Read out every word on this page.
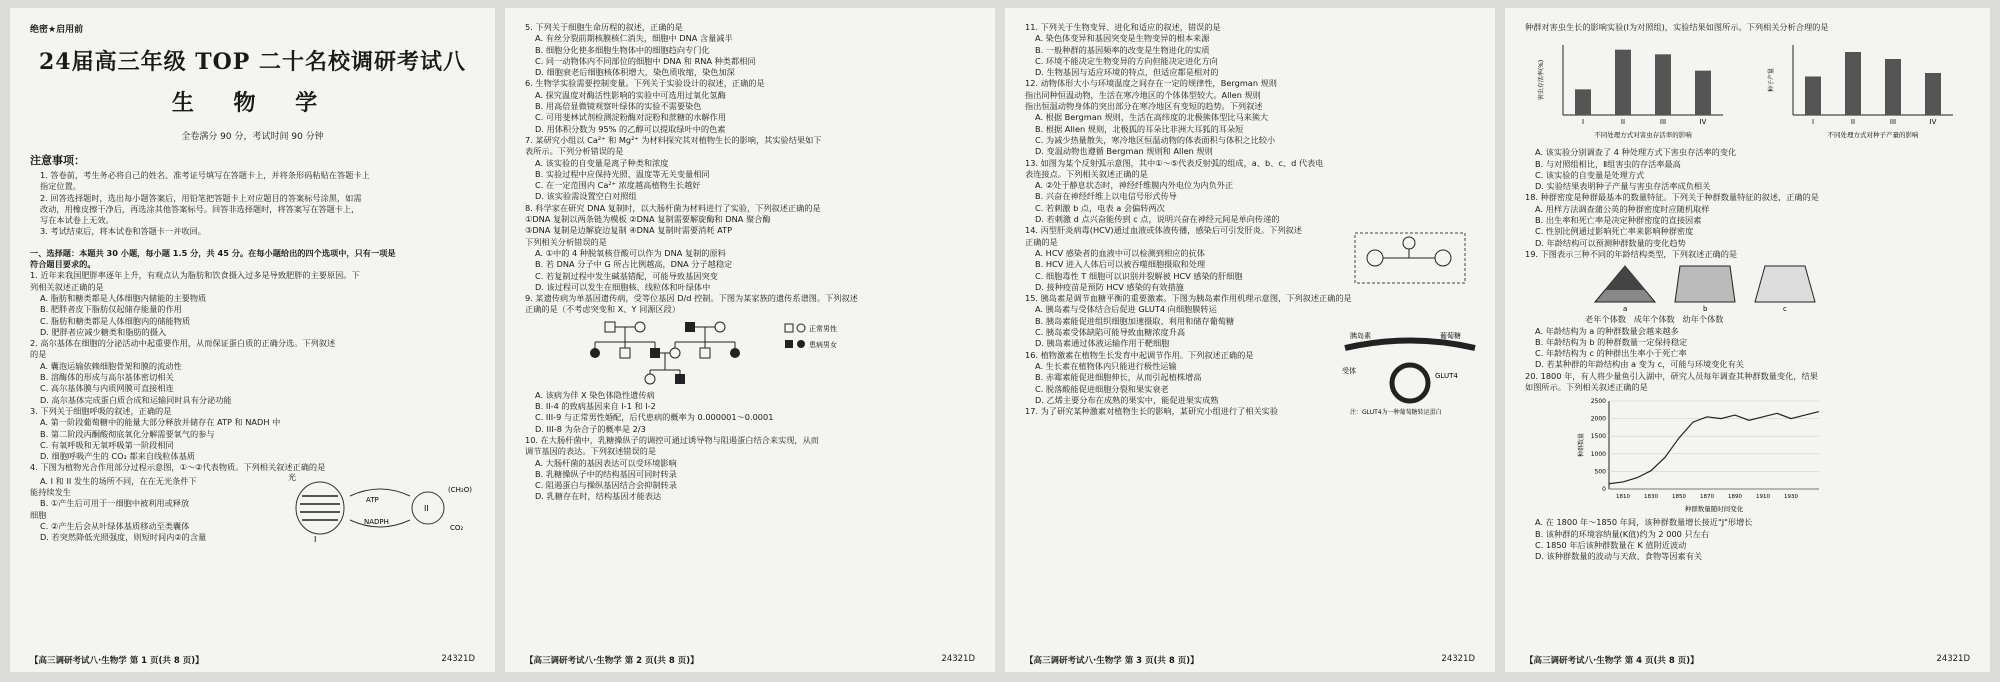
绝密★启用前
24届高三年级 TOP 二十名校调研考试八
生 物 学
全卷满分 90 分，考试时间 90 分钟
注意事项：
1. 答卷前，考生务必将自己的姓名、准考证号填写在答题卡上，并将条形码粘贴在答题卡上
指定位置。
2. 回答选择题时，选出每小题答案后，用铅笔把答题卡上对应题目的答案标号涂黑，如需
改动，用橡皮擦干净后，再选涂其他答案标号。回答非选择题时，将答案写在答题卡上，
写在本试卷上无效。
3. 考试结束后，将本试卷和答题卡一并收回。
一、选择题：本题共 30 小题，每小题 1.5 分，共 45 分。在每小题给出的四个选项中，只有一项是
符合题目要求的。
1. 近年来我国肥胖率逐年上升，有观点认为脂肪和饮食摄入过多是导致肥胖的主要原因。下
列相关叙述正确的是
A. 脂肪和糖类都是人体细胞内储能的主要物质
B. 肥胖者皮下脂肪仅起储存能量的作用
C. 脂肪和糖类都是人体细胞内的储能物质
D. 肥胖者应减少糖类和脂肪的摄入
2. 高尔基体在细胞的分泌活动中起重要作用，从而保证蛋白质的正确分选。下列叙述
的是
A. 囊泡运输依赖细胞骨架和膜的流动性
B. 溶酶体的形成与高尔基体密切相关
C. 高尔基体膜与内质网膜可直接相连
D. 高尔基体完成蛋白质合成和运输同时具有分泌功能
3. 下列关于细胞呼吸的叙述，正确的是
A. 第一阶段葡萄糖中的能量大部分释放并储存在 ATP 和 NADH 中
B. 第二阶段丙酮酸彻底氧化分解需要氧气的参与
C. 有氧呼吸和无氧呼吸第一阶段相同
D. 细胞呼吸产生的 CO₂ 都来自线粒体基质
4. 下图为植物光合作用部分过程示意图，①～②代表物质。下列相关叙述正确的是
A. I 和 II 发生的场所不同，在在无光条件下
能持续发生
B. ①产生后可用于一细胞中被利用或释放
细胞
C. ②产生后会从叶绿体基质移动至类囊体
D. 若突然降低光照强度，则短时间内②的含量	I
光
ATP
NADPH
II
(CH₂O)
CO₂
【高三调研考试八·生物学 第 1 页(共 8 页)】	24321D
5. 下列关于细胞生命历程的叙述，正确的是
A. 有丝分裂前期核膜核仁消失，细胞中 DNA 含量减半
B. 细胞分化使多细胞生物体中的细胞趋向专门化
C. 同一动物体内不同部位的细胞中 DNA 和 RNA 种类都相同
D. 细胞衰老后细胞核体积增大，染色质收缩，染色加深
6. 生物学实验需要控制变量。下列关于实验设计的叙述，正确的是
A. 探究温度对酶活性影响的实验中可选用过氧化氢酶
B. 用高倍显微镜观察叶绿体的实验不需要染色
C. 可用斐林试剂检测淀粉酶对淀粉和蔗糖的水解作用
D. 用体积分数为 95% 的乙醇可以提取绿叶中的色素
7. 某研究小组以 Ca²⁺ 和 Mg²⁺ 为材料探究其对植物生长的影响，其实验结果如下
表所示。下列分析错误的是
A. 该实验的自变量是离子种类和浓度
B. 实验过程中应保持光照、温度等无关变量相同
C. 在一定范围内 Ca²⁺ 浓度越高植物生长越好
D. 该实验需设置空白对照组
8. 科学家在研究 DNA 复制时，以大肠杆菌为材料进行了实验，下列叙述正确的是
①DNA 复制以两条链为模板 ②DNA 复制需要解旋酶和 DNA 聚合酶
③DNA 复制是边解旋边复制 ④DNA 复制时需要消耗 ATP
下列相关分析错误的是
A. ①中的 4 种脱氧核苷酸可以作为 DNA 复制的原料
B. 若 DNA 分子中 G 所占比例越高，DNA 分子越稳定
C. 若复制过程中发生碱基错配，可能导致基因突变
D. 该过程可以发生在细胞核、线粒体和叶绿体中
9. 某遗传病为单基因遗传病，受等位基因 D/d 控制。下图为某家族的遗传系谱图。下列叙述
正确的是（不考虑突变和 X、Y 同源区段）
正常男性
患病男女
A. 该病为伴 X 染色体隐性遗传病
B. II-4 的致病基因来自 I-1 和 I-2
C. III-9 与正常男性婚配，后代患病的概率为 0.000001～0.0001
D. III-8 为杂合子的概率是 2/3
10. 在大肠杆菌中，乳糖操纵子的调控可通过诱导物与阻遏蛋白结合来实现，从而
调节基因的表达。下列叙述错误的是
A. 大肠杆菌的基因表达可以受环境影响
B. 乳糖操纵子中的结构基因可同时转录
C. 阻遏蛋白与操纵基因结合会抑制转录
D. 乳糖存在时，结构基因才能表达
【高三调研考试八·生物学 第 2 页(共 8 页)】	24321D
11. 下列关于生物变异、进化和适应的叙述，错误的是
A. 染色体变异和基因突变是生物变异的根本来源
B. 一般种群的基因频率的改变是生物进化的实质
C. 环境不能决定生物变异的方向但能决定进化方向
D. 生物基因与适应环境的特点，但适应都是相对的
12. 动物体形大小与环境温度之间存在一定的规律性，Bergman 规则
指出同种恒温动物，生活在寒冷地区的个体体型较大。Allen 规则
指出恒温动物身体的突出部分在寒冷地区有变短的趋势。下列叙述
A. 根据 Bergman 规则，生活在高纬度的北极熊体型比马来熊大
B. 根据 Allen 规则，北极狐的耳朵比非洲大耳狐的耳朵短
C. 为减少热量散失，寒冷地区恒温动物的体表面积与体积之比较小
D. 变温动物也遵循 Bergman 规则和 Allen 规则
13. 如图为某个反射弧示意图，其中①～⑤代表反射弧的组成，a、b、c、d 代表电
表连接点。下列相关叙述正确的是
A. ②处于静息状态时，神经纤维膜内外电位为内负外正
B. 兴奋在神经纤维上以电信号形式传导
C. 若刺激 b 点，电表 a 会偏转两次
D. 若刺激 d 点兴奋能传到 c 点，说明兴奋在神经元间是单向传递的
14. 丙型肝炎病毒(HCV)通过血液或体液传播，感染后可引发肝炎。下列叙述
正确的是
A. HCV 感染者的血液中可以检测到相应的抗体
B. HCV 进入人体后可以被吞噬细胞摄取和处理
C. 细胞毒性 T 细胞可以识别并裂解被 HCV 感染的肝细胞
D. 接种疫苗是预防 HCV 感染的有效措施
15. 胰岛素是调节血糖平衡的重要激素。下图为胰岛素作用机理示意图，下列叙述正确的是
A. 胰岛素与受体结合后促进 GLUT4 向细胞膜转运
B. 胰岛素能促进组织细胞加速摄取、利用和储存葡萄糖
C. 胰岛素受体缺陷可能导致血糖浓度升高
D. 胰岛素通过体液运输作用于靶细胞
16. 植物激素在植物生长发育中起调节作用。下列叙述正确的是
A. 生长素在植物体内只能进行极性运输
B. 赤霉素能促进细胞伸长，从而引起植株增高
C. 脱落酸能促进细胞分裂和果实衰老
D. 乙烯主要分布在成熟的果实中，能促进果实成熟
17. 为了研究某种激素对植物生长的影响，某研究小组进行了相关实验
胰岛素	葡萄糖
受体
GLUT4
注：GLUT4为一种葡萄糖转运蛋白
【高三调研考试八·生物学 第 3 页(共 8 页)】	24321D
种群对害虫生长的影响实验(Ⅰ为对照组)，实验结果如图所示。下列相关分析合理的是
害虫存活率(%)
I	II	III	IV
不同处理方式对害虫存活率的影响
种子产量
I	II	III	IV
不同处理方式对种子产量的影响
A. 该实验分别调查了 4 种处理方式下害虫存活率的变化
B. 与对照组相比，Ⅱ组害虫的存活率最高
C. 该实验的自变量是处理方式
D. 实验结果表明种子产量与害虫存活率成负相关
18. 种群密度是种群最基本的数量特征。下列关于种群数量特征的叙述，正确的是
A. 用样方法调查蒲公英的种群密度时应随机取样
B. 出生率和死亡率是决定种群密度的直接因素
C. 性别比例通过影响死亡率来影响种群密度
D. 年龄结构可以预测种群数量的变化趋势
19. 下图表示三种不同的年龄结构类型，下列叙述正确的是
a	b	c
老年个体数 成年个体数 幼年个体数
A. 年龄结构为 a 的种群数量会越来越多
B. 年龄结构为 b 的种群数量一定保持稳定
C. 年龄结构为 c 的种群出生率小于死亡率
D. 若某种群的年龄结构由 a 变为 c，可能与环境变化有关
20. 1800 年，有人将少量鱼引入湖中，研究人员每年调查其种群数量变化，结果
如图所示。下列相关叙述正确的是
0
500
1000
1500
2000
2500
1810	1830	1850	1870	1890	1910	1930
种群数量
种群数量随时间变化
A. 在 1800 年～1850 年间，该种群数量增长接近"J"形增长
B. 该种群的环境容纳量(K值)约为 2 000 只左右
C. 1850 年后该种群数量在 K 值附近波动
D. 该种群数量的波动与天敌、食物等因素有关
【高三调研考试八·生物学 第 4 页(共 8 页)】	24321D
